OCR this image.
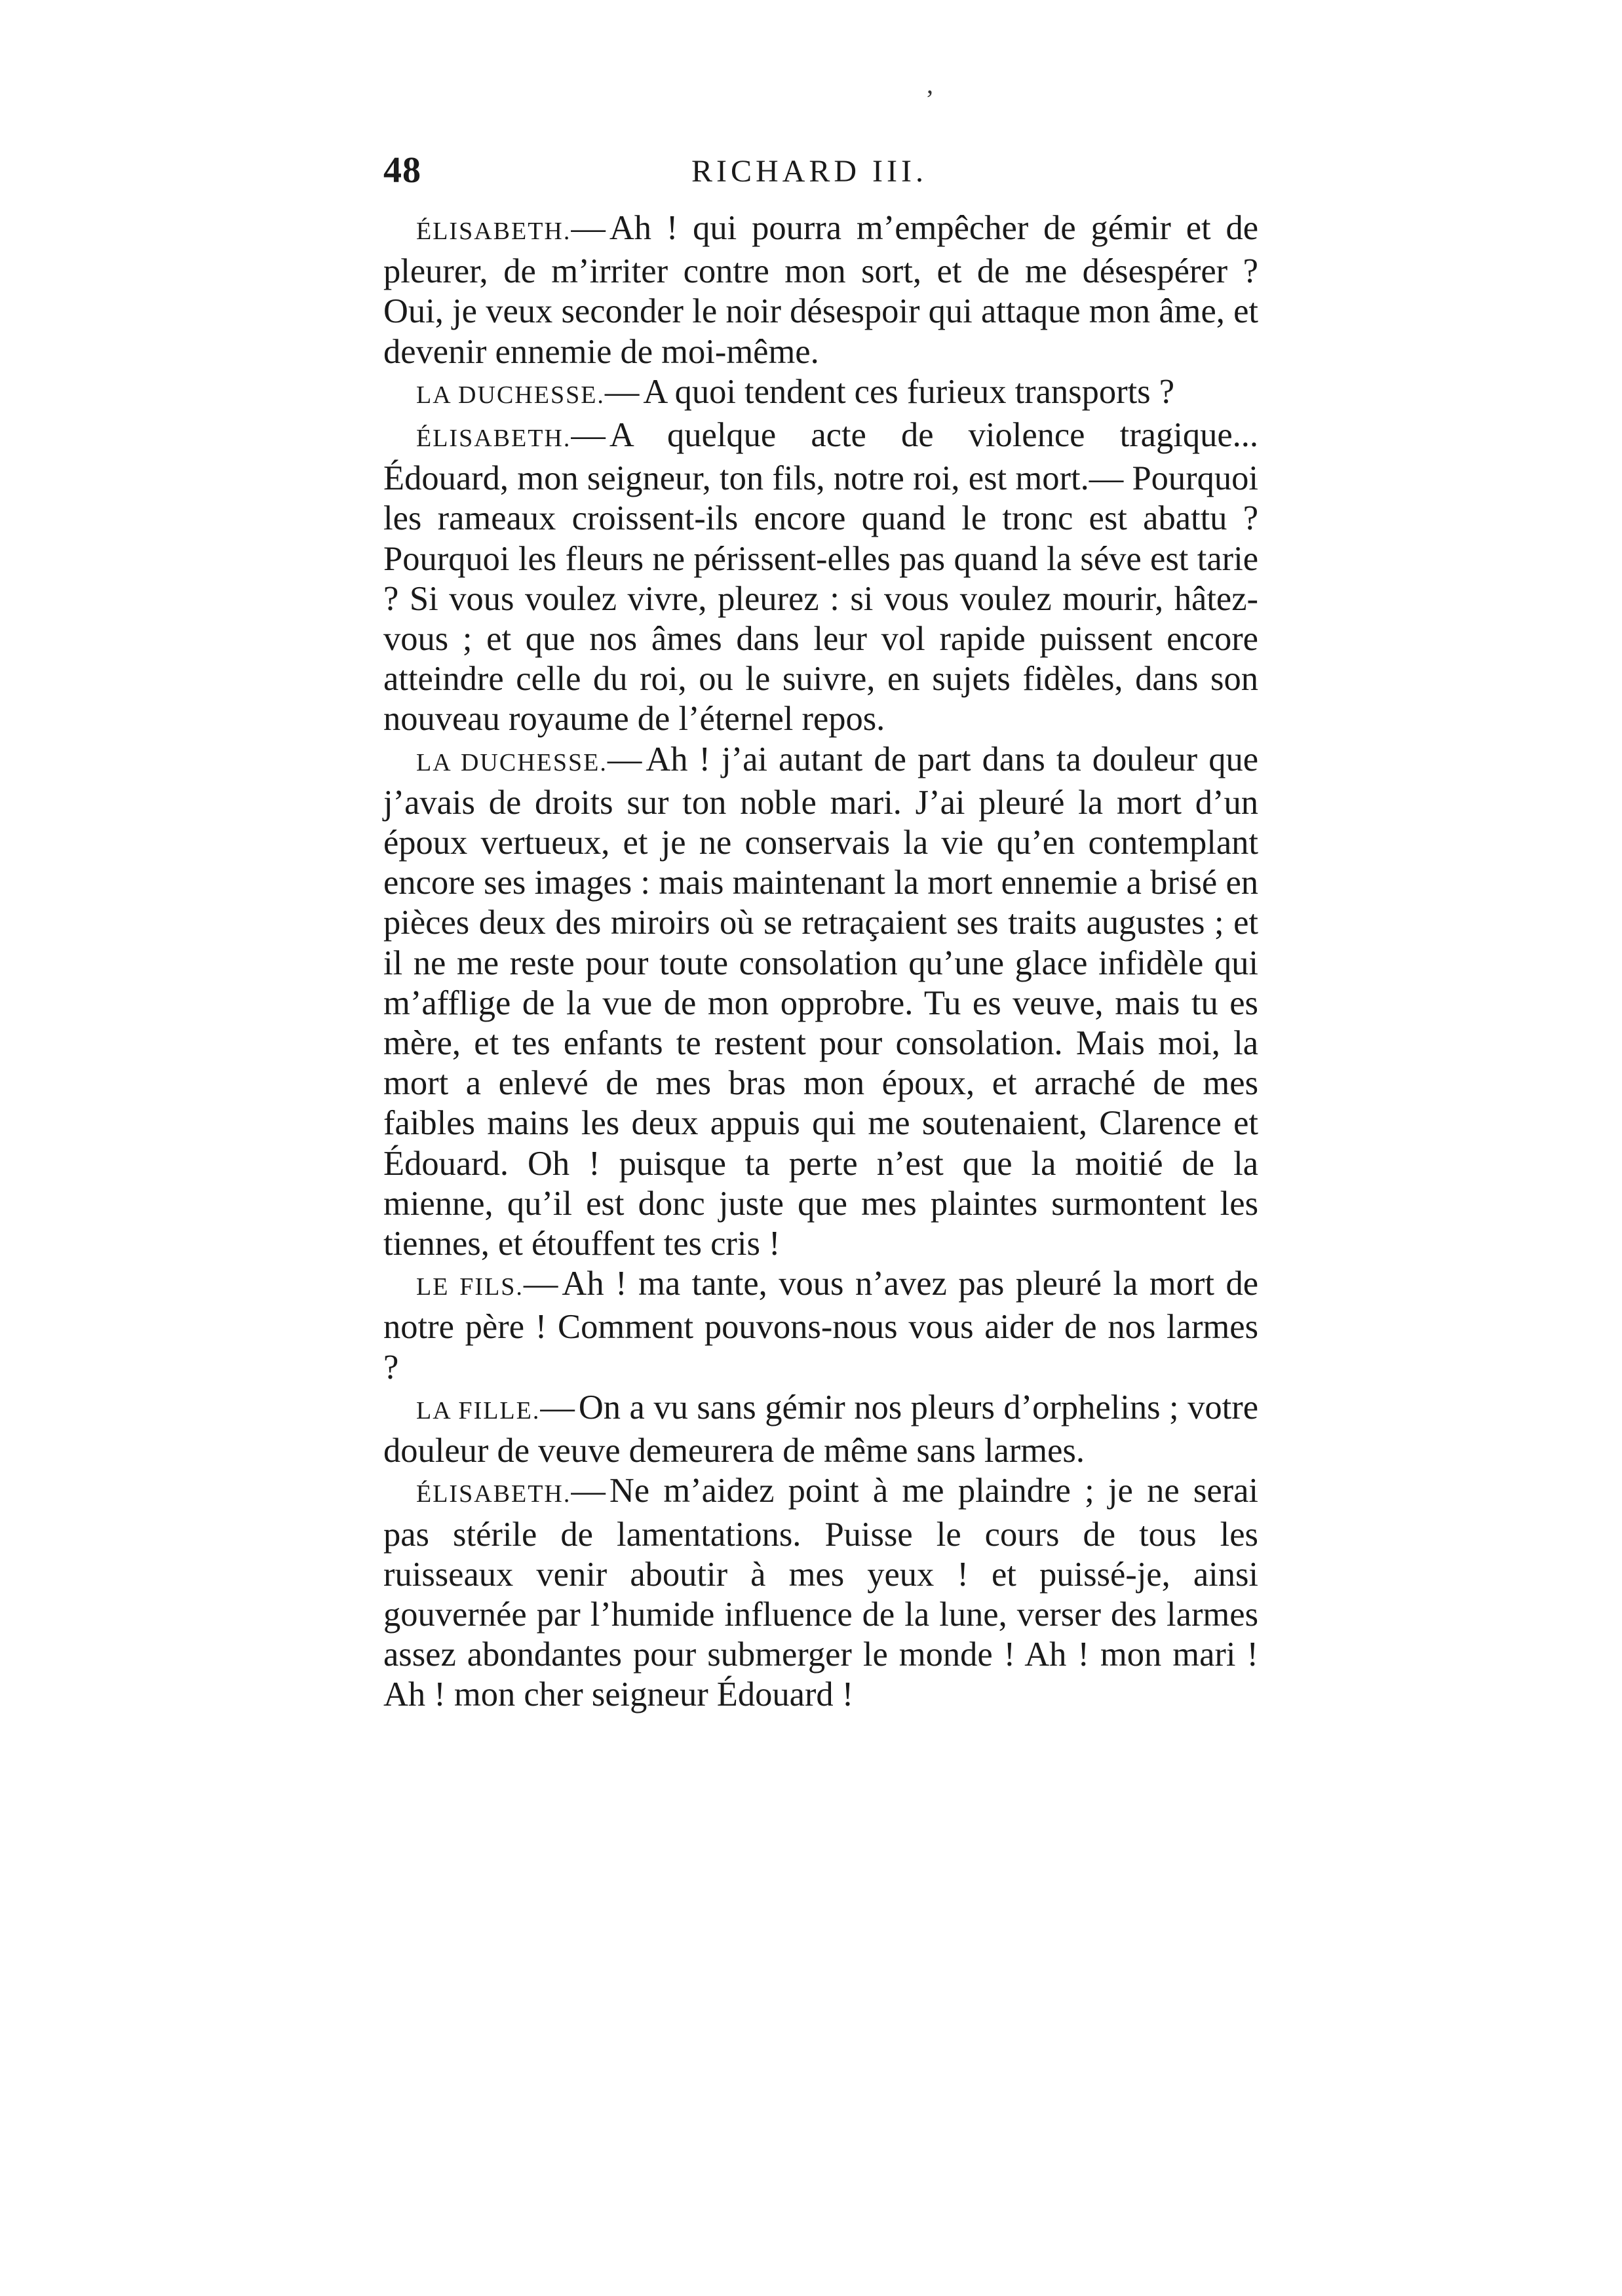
ʼ
48	RICHARD III.

ÉLISABETH.— Ah ! qui pourra m’empêcher de gémir et de pleurer, de m’irriter contre mon sort, et de me désespérer ? Oui, je veux seconder le noir désespoir qui attaque mon âme, et devenir ennemie de moi-même.

LA DUCHESSE.— A quoi tendent ces furieux transports ?

ÉLISABETH.— A quelque acte de violence tragique... Édouard, mon seigneur, ton fils, notre roi, est mort.— Pourquoi les rameaux croissent-ils encore quand le tronc est abattu ? Pourquoi les fleurs ne périssent-elles pas quand la séve est tarie ? Si vous voulez vivre, pleurez : si vous voulez mourir, hâtez-vous ; et que nos âmes dans leur vol rapide puissent encore atteindre celle du roi, ou le suivre, en sujets fidèles, dans son nouveau royaume de l’éternel repos.

LA DUCHESSE.— Ah ! j’ai autant de part dans ta douleur que j’avais de droits sur ton noble mari. J’ai pleuré la mort d’un époux vertueux, et je ne conservais la vie qu’en contemplant encore ses images : mais maintenant la mort ennemie a brisé en pièces deux des miroirs où se retraçaient ses traits augustes ; et il ne me reste pour toute consolation qu’une glace infidèle qui m’afflige de la vue de mon opprobre. Tu es veuve, mais tu es mère, et tes enfants te restent pour consolation. Mais moi, la mort a enlevé de mes bras mon époux, et arraché de mes faibles mains les deux appuis qui me soutenaient, Clarence et Édouard. Oh ! puisque ta perte n’est que la moitié de la mienne, qu’il est donc juste que mes plaintes surmontent les tiennes, et étouffent tes cris !

LE FILS.— Ah ! ma tante, vous n’avez pas pleuré la mort de notre père ! Comment pouvons-nous vous aider de nos larmes ?

LA FILLE.— On a vu sans gémir nos pleurs d’orphelins ; votre douleur de veuve demeurera de même sans larmes.

ÉLISABETH.— Ne m’aidez point à me plaindre ; je ne serai pas stérile de lamentations. Puisse le cours de tous les ruisseaux venir aboutir à mes yeux ! et puissé-je, ainsi gouvernée par l’humide influence de la lune, verser des larmes assez abondantes pour submerger le monde ! Ah ! mon mari ! Ah ! mon cher seigneur Édouard !
